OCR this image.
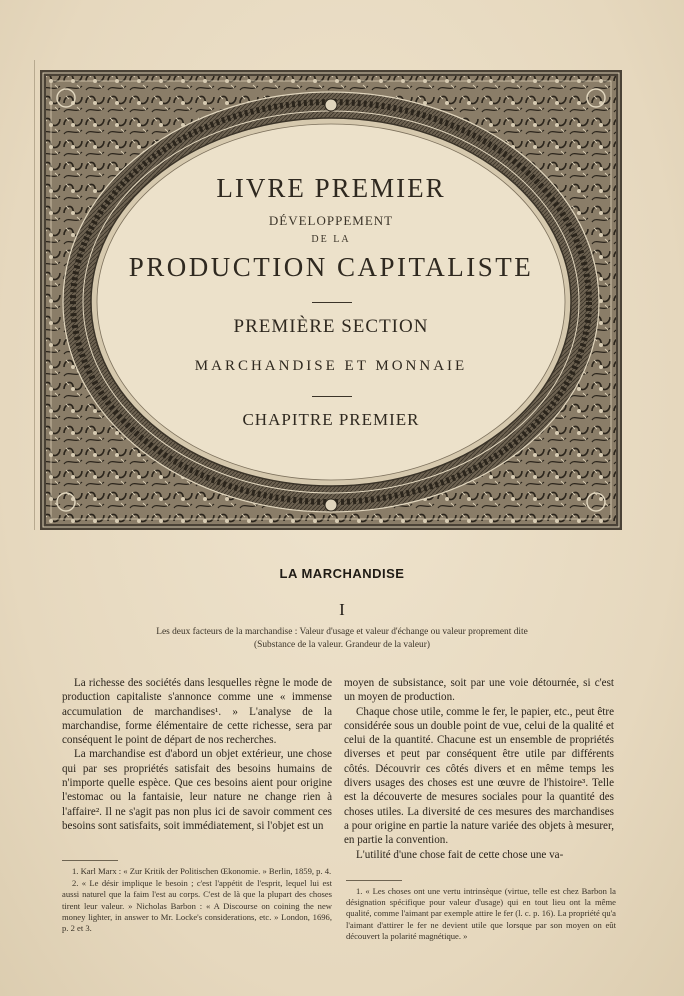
LIVRE PREMIER
DÉVELOPPEMENT
DE LA
PRODUCTION CAPITALISTE
PREMIÈRE SECTION
MARCHANDISE ET MONNAIE
CHAPITRE PREMIER
LA MARCHANDISE
I
Les deux facteurs de la marchandise : Valeur d'usage et valeur d'échange ou valeur proprement dite
(Substance de la valeur. Grandeur de la valeur)

La richesse des sociétés dans lesquelles règne le mode de production capitaliste s'annonce comme une « immense accumulation de marchandises¹. » L'analyse de la marchandise, forme élémentaire de cette richesse, sera par conséquent le point de départ de nos recherches.

La marchandise est d'abord un objet extérieur, une chose qui par ses propriétés satisfait des besoins humains de n'importe quelle espèce. Que ces besoins aient pour origine l'estomac ou la fantaisie, leur nature ne change rien à l'affaire². Il ne s'agit pas non plus ici de savoir comment ces besoins sont satisfaits, soit immédiatement, si l'objet est un

moyen de subsistance, soit par une voie détournée, si c'est un moyen de production.

Chaque chose utile, comme le fer, le papier, etc., peut être considérée sous un double point de vue, celui de la qualité et celui de la quantité. Chacune est un ensemble de propriétés diverses et peut par conséquent être utile par différents côtés. Découvrir ces côtés divers et en même temps les divers usages des choses est une œuvre de l'histoire³. Telle est la découverte de mesures sociales pour la quantité des choses utiles. La diversité de ces mesures des marchandises a pour origine en partie la nature variée des objets à mesurer, en partie la convention.

L'utilité d'une chose fait de cette chose une va-

1. Karl Marx : « Zur Kritik der Politischen Œkonomie. » Berlin, 1859, p. 4.

2. « Le désir implique le besoin ; c'est l'appétit de l'esprit, lequel lui est aussi naturel que la faim l'est au corps. C'est de là que la plupart des choses tirent leur valeur. » Nicholas Barbon : « A Discourse on coining the new money lighter, in answer to Mr. Locke's considerations, etc. » London, 1696, p. 2 et 3.

1. « Les choses ont une vertu intrinsèque (virtue, telle est chez Barbon la désignation spécifique pour valeur d'usage) qui en tout lieu ont la même qualité, comme l'aimant par exemple attire le fer (l. c. p. 16). La propriété qu'a l'aimant d'attirer le fer ne devient utile que lorsque par son moyen on eût découvert la polarité magnétique. »
